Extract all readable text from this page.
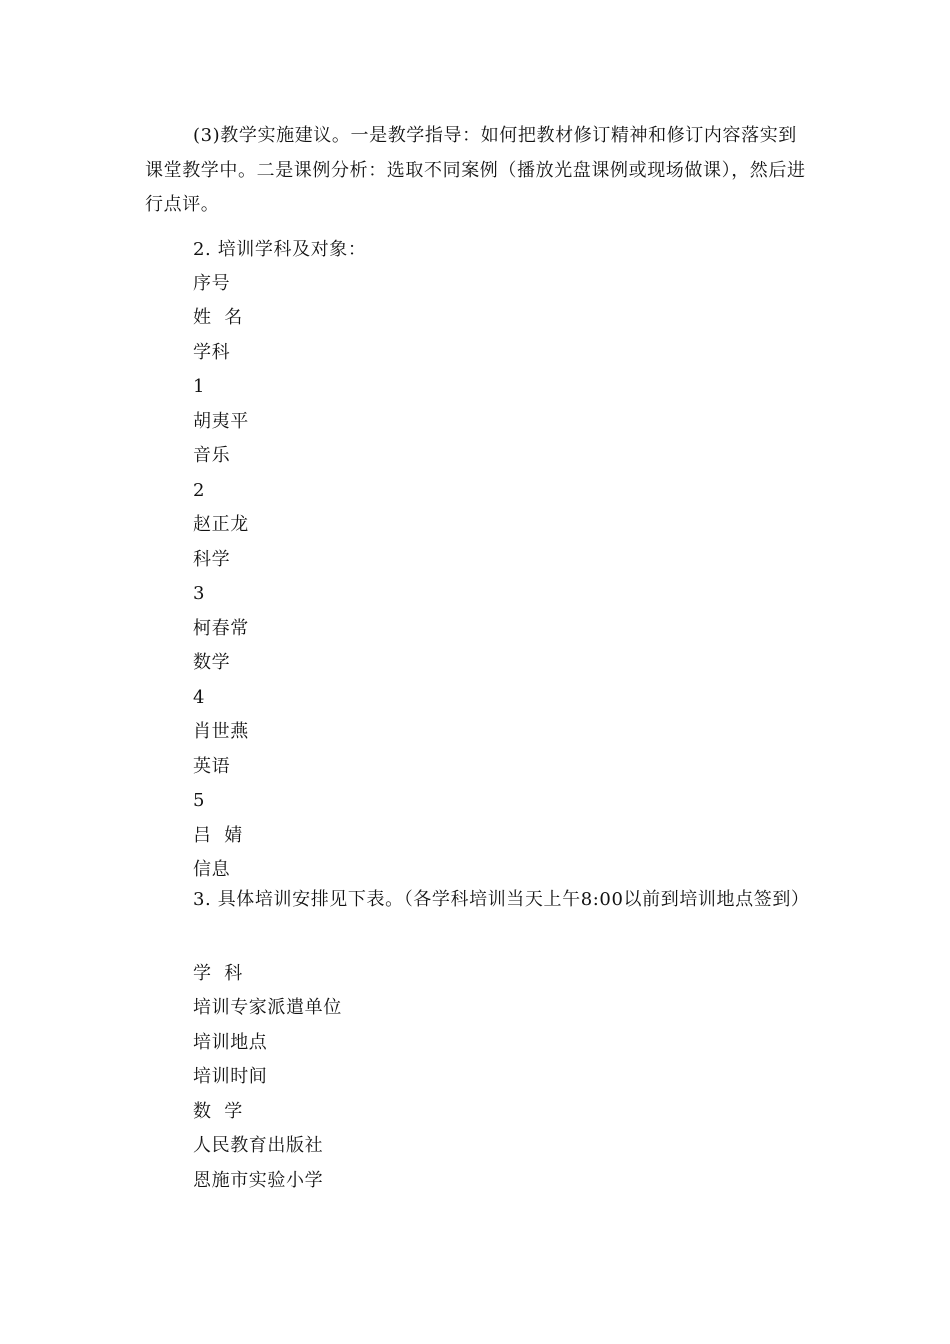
(3)教学实施建议。一是教学指导：如何把教材修订精神和修订内容落实到课堂教学中。二是课例分析：选取不同案例（播放光盘课例或现场做课），然后进行点评。

2. 培训学科及对象：
序号
姓  名
学科
1
胡夷平
音乐
2
赵正龙
科学
3
柯春常
数学
4
肖世燕
英语
5
吕  婧
信息

3. 具体培训安排见下表。（各学科培训当天上午8:00以前到培训地点签到）

学  科
培训专家派遣单位
培训地点
培训时间
数  学
人民教育出版社
恩施市实验小学
